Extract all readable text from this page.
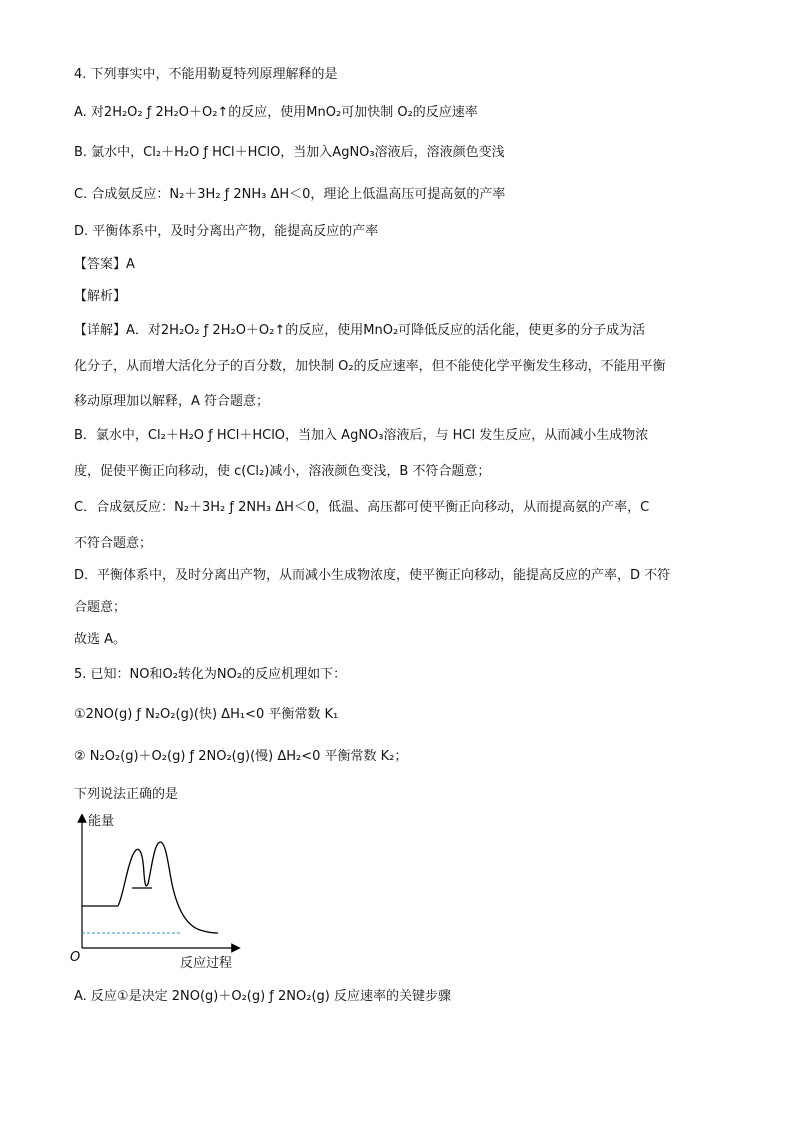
4. 下列事实中，不能用勒夏特列原理解释的是
A. 对2H₂O₂ ƒ 2H₂O＋O₂↑的反应，使用MnO₂可加快制 O₂的反应速率
B. 氯水中，Cl₂＋H₂O ƒ HCl＋HClO，当加入AgNO₃溶液后，溶液颜色变浅
C. 合成氨反应：N₂＋3H₂ ƒ 2NH₃ ΔH＜0，理论上低温高压可提高氨的产率
D. 平衡体系中，及时分离出产物，能提高反应的产率
【答案】A
【解析】
【详解】A．对2H₂O₂ ƒ 2H₂O＋O₂↑的反应，使用MnO₂可降低反应的活化能，使更多的分子成为活
化分子，从而增大活化分子的百分数，加快制 O₂的反应速率，但不能使化学平衡发生移动，不能用平衡
移动原理加以解释，A 符合题意；
B．氯水中，Cl₂＋H₂O ƒ HCl＋HClO，当加入 AgNO₃溶液后，与 HCl 发生反应，从而减小生成物浓
度，促使平衡正向移动，使 c(Cl₂)减小，溶液颜色变浅，B 不符合题意；
C．合成氨反应：N₂＋3H₂ ƒ 2NH₃ ΔH＜0，低温、高压都可使平衡正向移动，从而提高氨的产率，C
不符合题意；
D．平衡体系中，及时分离出产物，从而减小生成物浓度，使平衡正向移动，能提高反应的产率，D 不符
合题意；
故选 A。
5. 已知：NO和O₂转化为NO₂的反应机理如下：
①2NO(g) ƒ N₂O₂(g)(快) ΔH₁<0 平衡常数 K₁
② N₂O₂(g)＋O₂(g) ƒ 2NO₂(g)(慢) ΔH₂<0 平衡常数 K₂；
下列说法正确的是
能量
反应过程
O
A. 反应①是决定 2NO(g)＋O₂(g) ƒ 2NO₂(g) 反应速率的关键步骤
